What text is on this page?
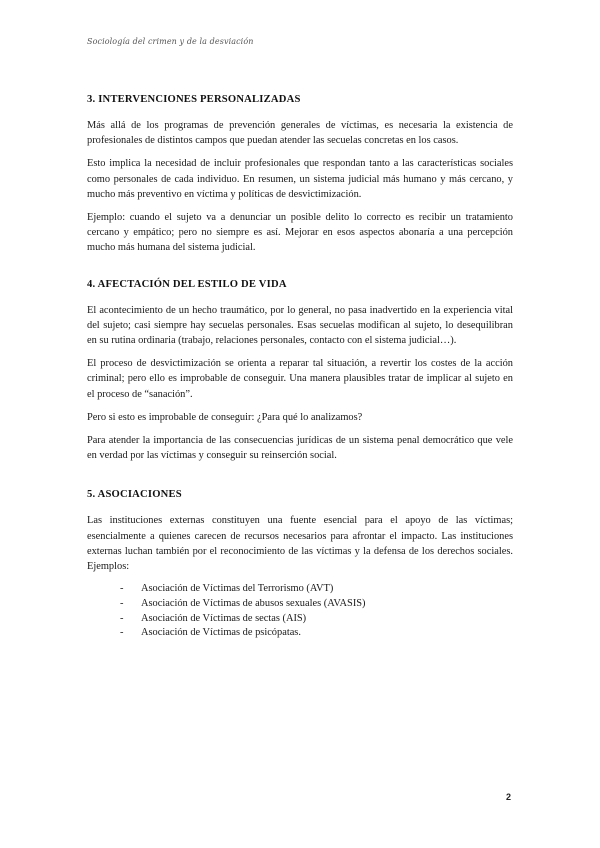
Sociología del crimen y de la desviación
3. INTERVENCIONES PERSONALIZADAS

Más allá de los programas de prevención generales de víctimas, es necesaria la existencia de profesionales de distintos campos que puedan atender las secuelas concretas en los casos.

Esto implica la necesidad de incluir profesionales que respondan tanto a las características sociales como personales de cada individuo. En resumen, un sistema judicial más humano y más cercano, y mucho más preventivo en víctima y políticas de desvictimización.

Ejemplo: cuando el sujeto va a denunciar un posible delito lo correcto es recibir un tratamiento cercano y empático; pero no siempre es así. Mejorar en esos aspectos abonaría a una percepción mucho más humana del sistema judicial.

4. AFECTACIÓN DEL ESTILO DE VIDA

El acontecimiento de un hecho traumático, por lo general, no pasa inadvertido en la experiencia vital del sujeto; casi siempre hay secuelas personales. Esas secuelas modifican al sujeto, lo desequilibran en su rutina ordinaria (trabajo, relaciones personales, contacto con el sistema judicial…).

El proceso de desvictimización se orienta a reparar tal situación, a revertir los costes de la acción criminal; pero ello es improbable de conseguir. Una manera plausibles tratar de implicar al sujeto en el proceso de “sanación”.

Pero si esto es improbable de conseguir: ¿Para qué lo analizamos?

Para atender la importancia de las consecuencias jurídicas de un sistema penal democrático que vele en verdad por las víctimas y conseguir su reinserción social.

5. ASOCIACIONES

Las instituciones externas constituyen una fuente esencial para el apoyo de las víctimas; esencialmente a quienes carecen de recursos necesarios para afrontar el impacto. Las instituciones externas luchan también por el reconocimiento de las víctimas y la defensa de los derechos sociales. Ejemplos:

- Asociación de Víctimas del Terrorismo (AVT)
- Asociación de Víctimas de abusos sexuales (AVASIS)
- Asociación de Víctimas de sectas (AIS)
- Asociación de Víctimas de psicópatas.
2
